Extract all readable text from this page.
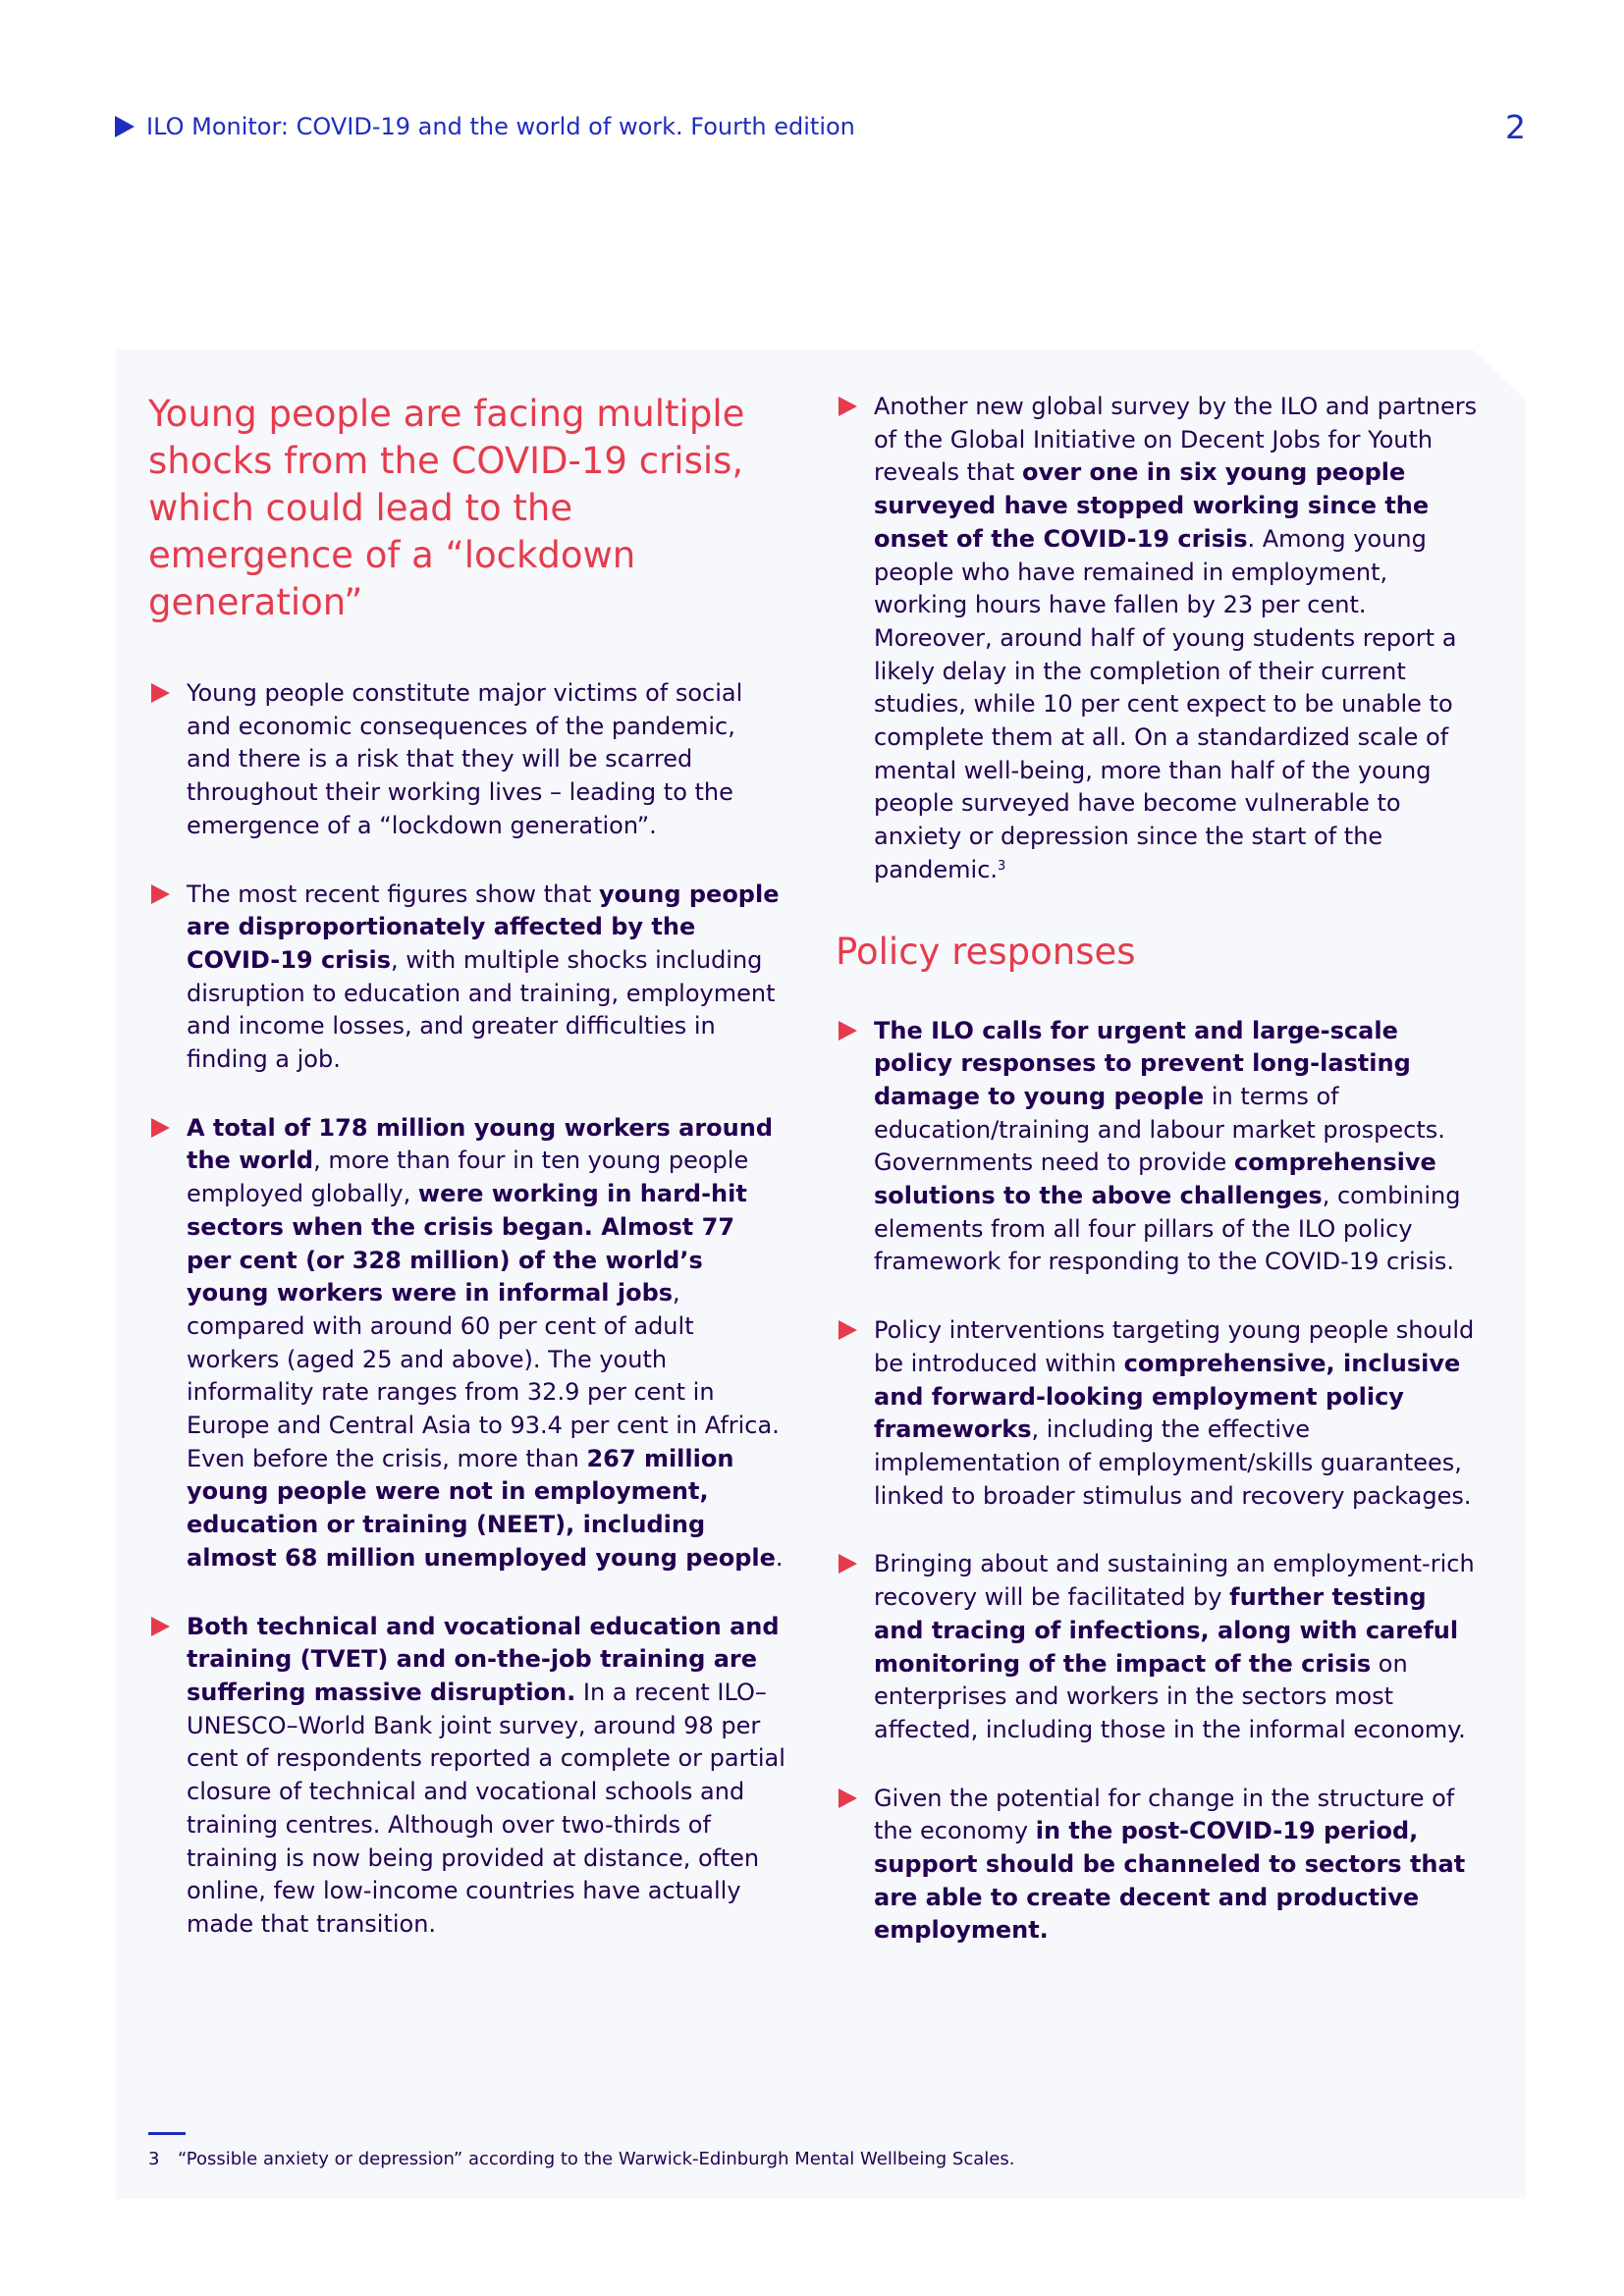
ILO Monitor: COVID-19 and the world of work. Fourth edition	2
Young people are facing multiple shocks from the COVID-19 crisis, which could lead to the emergence of a “lockdown generation”

Young people constitute major victims of social and economic consequences of the pandemic, and there is a risk that they will be scarred throughout their working lives – leading to the emergence of a “lockdown generation”.

The most recent figures show that young people are disproportionately affected by the COVID-19 crisis, with multiple shocks including disruption to education and training, employment and income losses, and greater difficulties in finding a job.

A total of 178 million young workers around the world, more than four in ten young people employed globally, were working in hard-hit sectors when the crisis began. Almost 77 per cent (or 328 million) of the world’s young workers were in informal jobs, compared with around 60 per cent of adult workers (aged 25 and above). The youth informality rate ranges from 32.9 per cent in Europe and Central Asia to 93.4 per cent in Africa. Even before the crisis, more than 267 million young people were not in employment, education or training (NEET), including almost 68 million unemployed young people.

Both technical and vocational education and training (TVET) and on-the-job training are suffering massive disruption. In a recent ILO–UNESCO–World Bank joint survey, around 98 per cent of respondents reported a complete or partial closure of technical and vocational schools and training centres. Although over two-thirds of training is now being provided at distance, often online, few low-income countries have actually made that transition.

Another new global survey by the ILO and partners of the Global Initiative on Decent Jobs for Youth reveals that over one in six young people surveyed have stopped working since the onset of the COVID-19 crisis. Among young people who have remained in employment, working hours have fallen by 23 per cent. Moreover, around half of young students report a likely delay in the completion of their current studies, while 10 per cent expect to be unable to complete them at all. On a standardized scale of mental well-being, more than half of the young people surveyed have become vulnerable to anxiety or depression since the start of the pandemic.$^3$

Policy responses

The ILO calls for urgent and large-scale policy responses to prevent long-lasting damage to young people in terms of education/training and labour market prospects. Governments need to provide comprehensive solutions to the above challenges, combining elements from all four pillars of the ILO policy framework for responding to the COVID-19 crisis.

Policy interventions targeting young people should be introduced within comprehensive, inclusive and forward-looking employment policy frameworks, including the effective implementation of employment/skills guarantees, linked to broader stimulus and recovery packages.

Bringing about and sustaining an employment-rich recovery will be facilitated by further testing and tracing of infections, along with careful monitoring of the impact of the crisis on enterprises and workers in the sectors most affected, including those in the informal economy.

Given the potential for change in the structure of the economy in the post-COVID-19 period, support should be channeled to sectors that are able to create decent and productive employment.

3 “Possible anxiety or depression” according to the Warwick-Edinburgh Mental Wellbeing Scales.
